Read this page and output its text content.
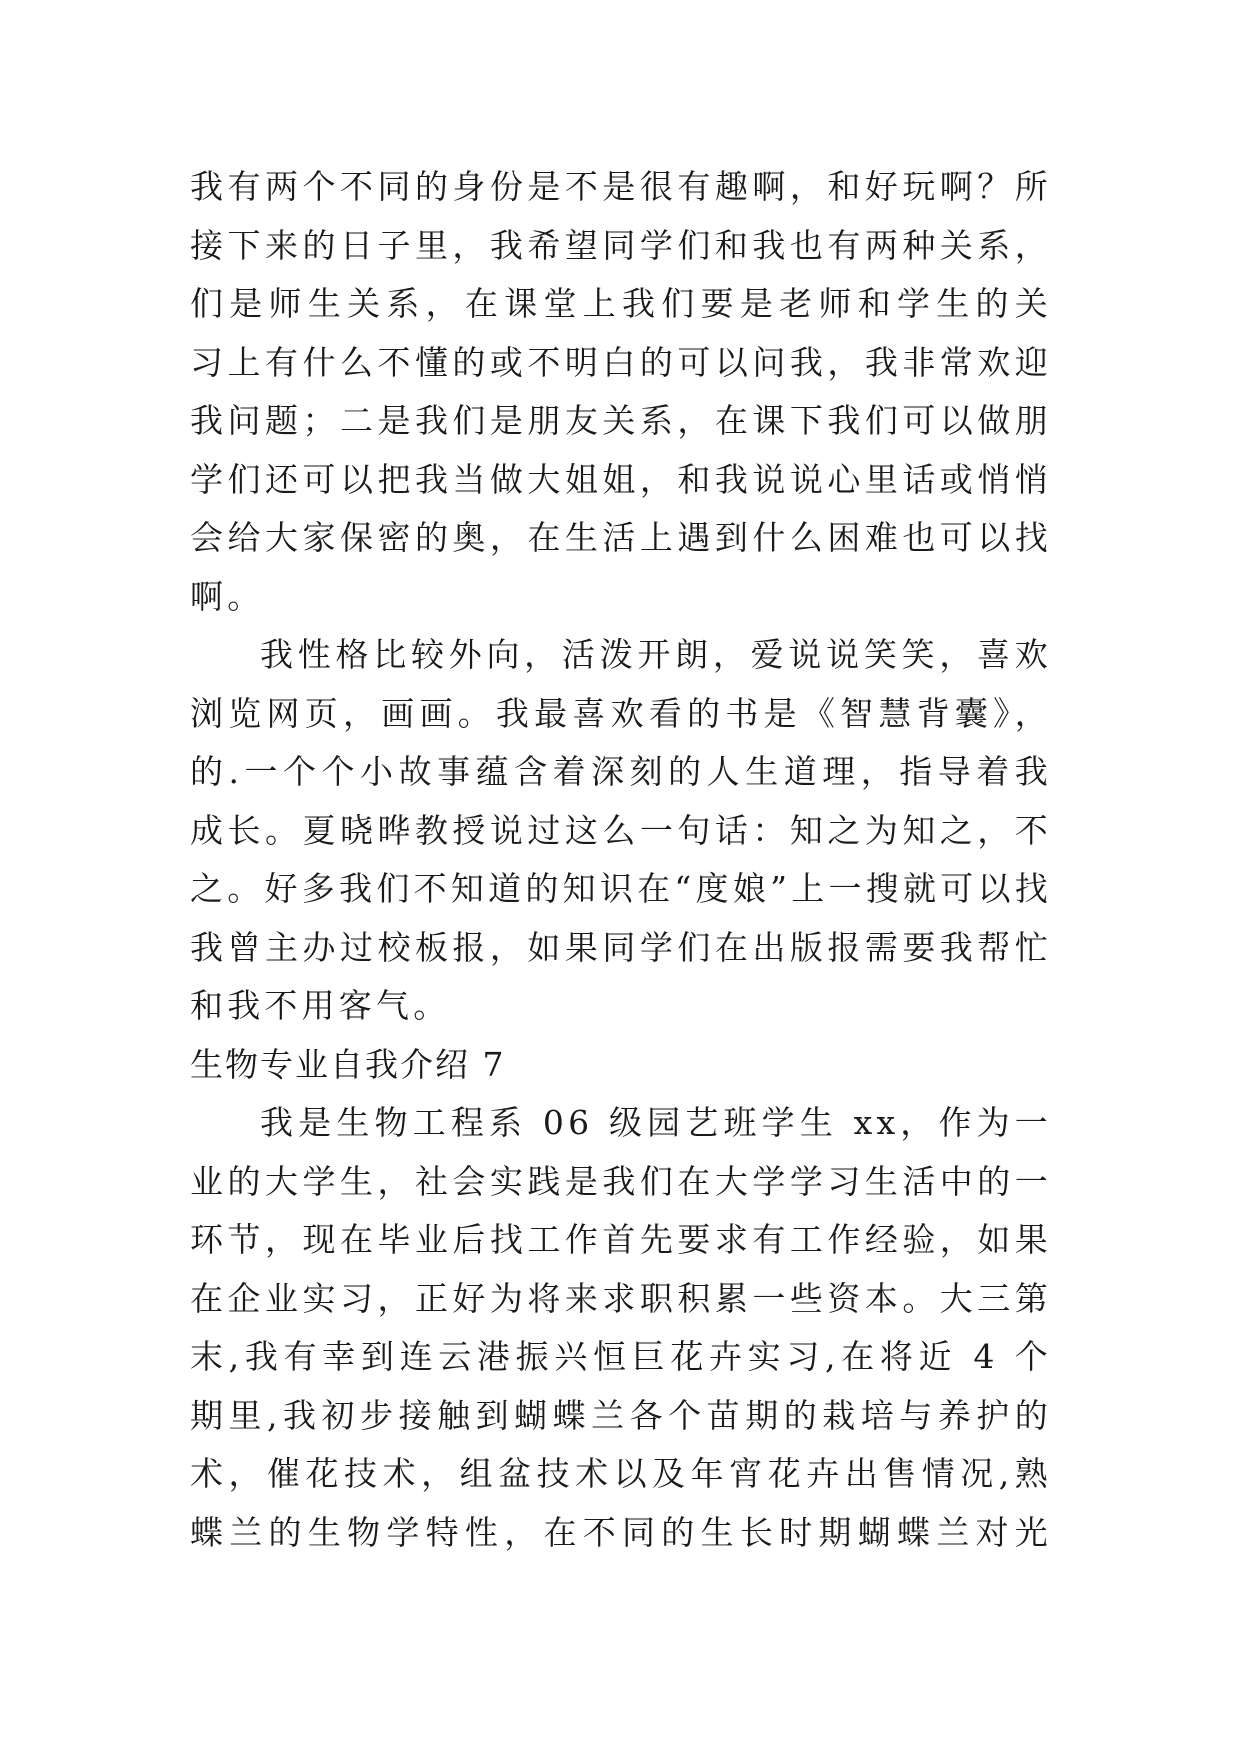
我有两个不同的身份是不是很有趣啊，和好玩啊？所
接下来的日子里，我希望同学们和我也有两种关系，
们是师生关系，在课堂上我们要是老师和学生的关
习上有什么不懂的或不明白的可以问我，我非常欢迎
我问题；二是我们是朋友关系，在课下我们可以做朋
学们还可以把我当做大姐姐，和我说说心里话或悄悄
会给大家保密的奥，在生活上遇到什么困难也可以找
啊。
我性格比较外向，活泼开朗，爱说说笑笑，喜欢
浏览网页，画画。我最喜欢看的书是《智慧背囊》，
的.一个个小故事蕴含着深刻的人生道理，指导着我
成长。夏晓晔教授说过这么一句话：知之为知之，不
之。好多我们不知道的知识在“度娘”上一搜就可以找
我曾主办过校板报，如果同学们在出版报需要我帮忙
和我不用客气。
生物专业自我介绍 7
我是生物工程系 06 级园艺班学生 xx，作为一
业的大学生，社会实践是我们在大学学习生活中的一
环节，现在毕业后找工作首先要求有工作经验，如果
在企业实习，正好为将来求职积累一些资本。大三第
末,我有幸到连云港振兴恒巨花卉实习,在将近 4 个
期里,我初步接触到蝴蝶兰各个苗期的栽培与养护的
术，催花技术，组盆技术以及年宵花卉出售情况,熟
蝶兰的生物学特性，在不同的生长时期蝴蝶兰对光
